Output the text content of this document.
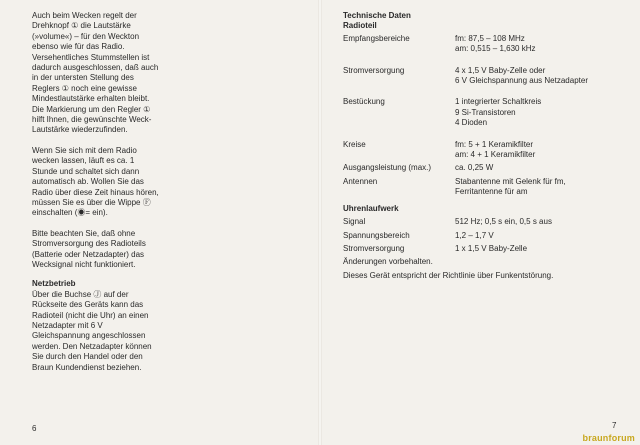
Auch beim Wecken regelt der Drehknopf ① die Lautstärke (»volume«) – für den Weckton ebenso wie für das Radio. Versehentliches Stummstellen ist dadurch ausgeschlossen, daß auch in der untersten Stellung des Reglers ① noch eine gewisse Mindestlautstärke erhalten bleibt. Die Markierung um den Regler ① hilft Ihnen, die gewünschte Weck-Lautstärke wiederzufinden.

Wenn Sie sich mit dem Radio wecken lassen, läuft es ca. 1 Stunde und schaltet sich dann automatisch ab. Wollen Sie das Radio über diese Zeit hinaus hören, müssen Sie es über die Wippe Ⓕ einschalten (◉= ein).

Bitte beachten Sie, daß ohne Stromversorgung des Radioteils (Batterie oder Netzadapter) das Wecksignal nicht funktioniert.

Netzbetrieb

Über die Buchse Ⓙ auf der Rückseite des Geräts kann das Radioteil (nicht die Uhr) an einen Netzadapter mit 6 V Gleichspannung angeschlossen werden. Den Netzadapter können Sie durch den Handel oder den Braun Kundendienst beziehen.

6

Technische Daten

Radioteil

Empfangsbereiche	fm: 87,5 – 108 MHz
am: 0,515 – 1,630 kHz
Stromversorgung	4 x 1,5 V Baby-Zelle oder
6 V Gleichspannung aus Netzadapter
Bestückung	1 integrierter Schaltkreis
9 Si-Transistoren
4 Dioden
Kreise	fm: 5 + 1 Keramikfilter
am: 4 + 1 Keramikfilter
Ausgangsleistung (max.)	ca. 0,25 W
Antennen	Stabantenne mit Gelenk für fm,
Ferritantenne für am

Uhrenlaufwerk

Signal	512 Hz; 0,5 s ein, 0,5 s aus
Spannungsbereich	1,2 – 1,7 V
Stromversorgung	1 x 1,5 V Baby-Zelle

Änderungen vorbehalten.

Dieses Gerät entspricht der Richtlinie über Funkentstörung.

7
braunforum
